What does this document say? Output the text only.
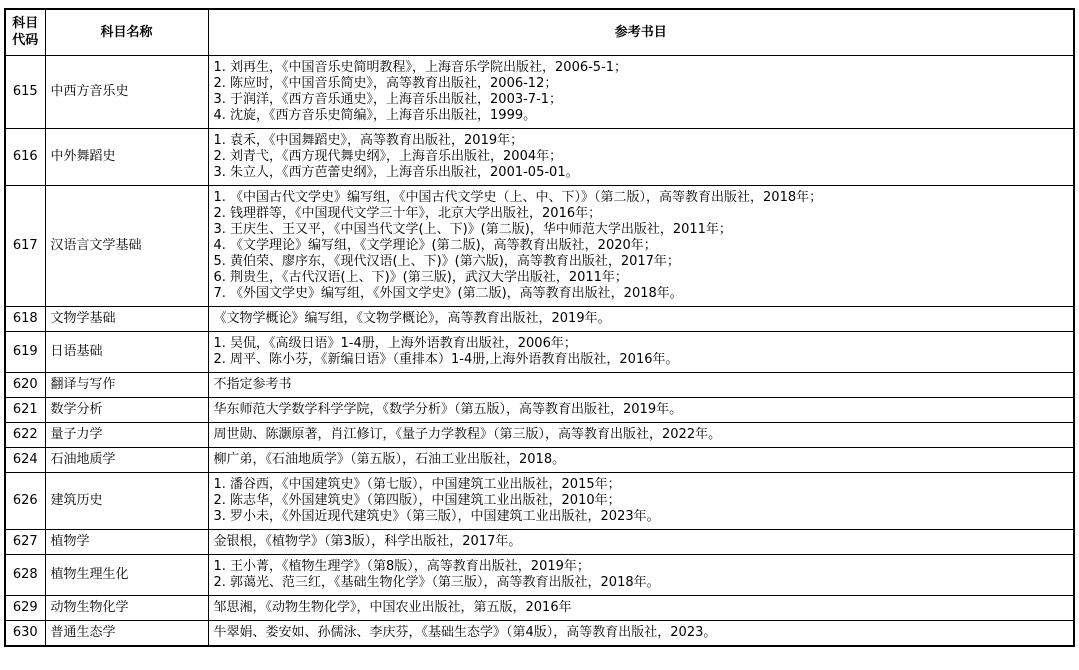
科目代码	科目名称	参考书目
615	中西方音乐史	1. 刘再生，《中国音乐史简明教程》，上海音乐学院出版社，2006-5-1；
2. 陈应时，《中国音乐简史》，高等教育出版社，2006-12；
3. 于润洋，《西方音乐通史》，上海音乐出版社，2003-7-1；
4. 沈旋，《西方音乐史简编》，上海音乐出版社，1999。

616	中外舞蹈史	1. 袁禾，《中国舞蹈史》，高等教育出版社，2019年；
2. 刘青弋，《西方现代舞史纲》，上海音乐出版社，2004年；
3. 朱立人，《西方芭蕾史纲》，上海音乐出版社，2001-05-01。

617	汉语言文学基础	
1. 《中国古代文学史》编写组，《中国古代文学史（上、中、下）》（第二版），高等教育出版社，2018年；
2. 钱理群等，《中国现代文学三十年》，北京大学出版社，2016年；
3. 王庆生、王又平，《中国当代文学(上、下)》(第二版)，华中师范大学出版社，2011年；
4. 《文学理论》编写组，《文学理论》(第二版)，高等教育出版社，2020年；
5. 黄伯荣、廖序东，《现代汉语(上、下)》(第六版)，高等教育出版社，2017年；
6. 荆贵生，《古代汉语(上、下)》(第三版)，武汉大学出版社，2011年；
7. 《外国文学史》编写组，《外国文学史》(第二版)，高等教育出版社，2018年。

618	文物学基础	《文物学概论》编写组，《文物学概论》，高等教育出版社，2019年。

619	日语基础	1. 吴侃，《高级日语》1-4册，上海外语教育出版社，2006年；
2. 周平、陈小芬，《新编日语》（重排本）1-4册,上海外语教育出版社，2016年。

620	翻译与写作	不指定参考书

621	数学分析	华东师范大学数学科学学院，《数学分析》（第五版），高等教育出版社，2019年。

622	量子力学	周世勋、陈灏原著，肖江修订，《量子力学教程》（第三版），高等教育出版社，2022年。

624	石油地质学	柳广弟，《石油地质学》（第五版），石油工业出版社，2018。

626	建筑历史	1. 潘谷西，《中国建筑史》（第七版），中国建筑工业出版社，2015年；
2. 陈志华，《外国建筑史》（第四版），中国建筑工业出版社，2010年；
3. 罗小未，《外国近现代建筑史》（第三版），中国建筑工业出版社，2023年。

627	植物学	金银根，《植物学》（第3版），科学出版社，2017年。

628	植物生理生化	1. 王小菁，《植物生理学》（第8版），高等教育出版社，2019年；
2. 郭蔼光、范三红，《基础生物化学》（第三版），高等教育出版社，2018年。

629	动物生物化学	邹思湘，《动物生物化学》，中国农业出版社，第五版，2016年

630	普通生态学	牛翠娟、娄安如、孙儒泳、李庆芬，《基础生态学》（第4版），高等教育出版社，2023。
